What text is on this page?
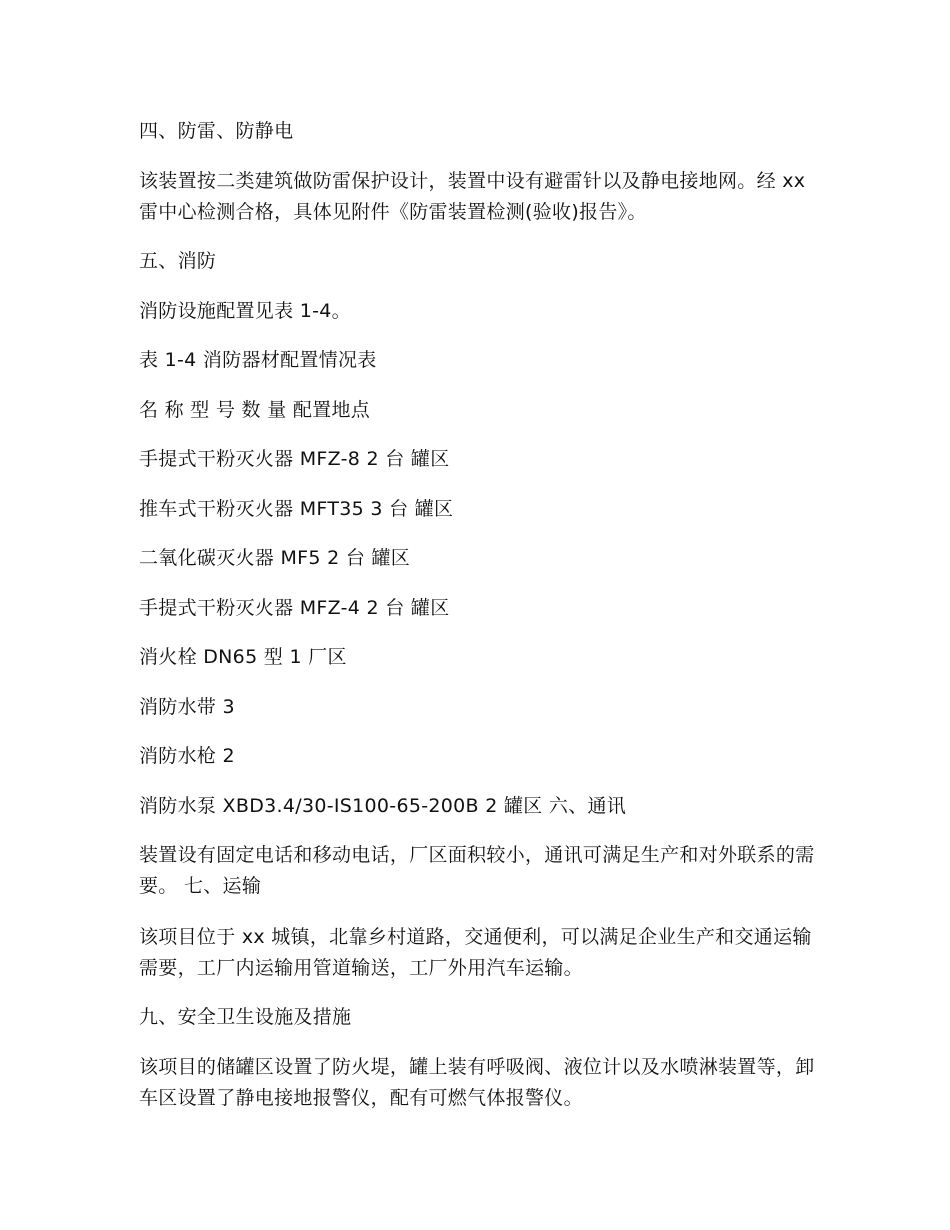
四、防雷、防静电

该装置按二类建筑做防雷保护设计，装置中设有避雷针以及静电接地网。经 xx 雷中心检测合格，具体见附件《防雷装置检测(验收)报告》。

五、消防

消防设施配置见表 1-4。

表 1-4 消防器材配置情况表

名 称 型 号 数 量 配置地点

手提式干粉灭火器 MFZ-8 2 台 罐区

推车式干粉灭火器 MFT35 3 台 罐区

二氧化碳灭火器 MF5 2 台 罐区

手提式干粉灭火器 MFZ-4 2 台 罐区

消火栓 DN65 型 1 厂区

消防水带 3

消防水枪 2

消防水泵 XBD3.4/30-IS100-65-200B 2 罐区 六、通讯

装置设有固定电话和移动电话，厂区面积较小，通讯可满足生产和对外联系的需要。 七、运输

该项目位于 xx 城镇，北靠乡村道路，交通便利，可以满足企业生产和交通运输需要，工厂内运输用管道输送，工厂外用汽车运输。

九、安全卫生设施及措施

该项目的储罐区设置了防火堤，罐上装有呼吸阀、液位计以及水喷淋装置等，卸车区设置了静电接地报警仪，配有可燃气体报警仪。
